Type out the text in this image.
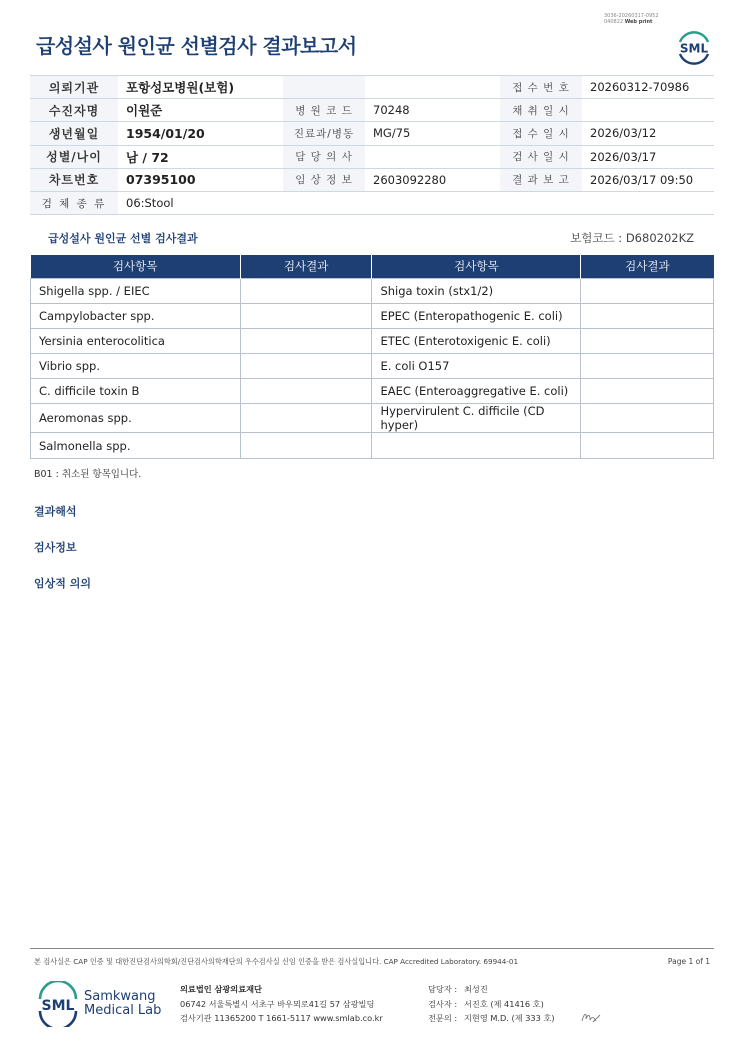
3036-20260317-0952
040822 Web print
급성설사 원인균 선별검사 결과보고서	SML
의뢰기관	포항성모병원(보험)			접 수 번 호	20260312-70986
수진자명	이원준	병 원 코 드	70248	채 취 일 시	
생년월일	1954/01/20	진료과/병동	MG/75	접 수 일 시	2026/03/12
성별/나이	남 / 72	담 당 의 사		검 사 일 시	2026/03/17
차트번호	07395100	임 상 정 보	2603092280	결 과 보 고	2026/03/17 09:50
검 체 종 류	06:Stool				
급성설사 원인균 선별 검사결과	보험코드 : D680202KZ
검사항목	검사결과	검사항목	검사결과
Shigella spp. / EIEC		Shiga toxin (stx1/2)	
Campylobacter spp.		EPEC (Enteropathogenic E. coli)	
Yersinia enterocolitica		ETEC (Enterotoxigenic E. coli)	
Vibrio spp.		E. coli O157	
C. difficile toxin B		EAEC (Enteroaggregative E. coli)	
Aeromonas spp.		Hypervirulent C. difficile (CD hyper)	
Salmonella spp.			
B01 : 취소된 항목입니다.
결과해석
검사정보
임상적 의의
본 검사실은 CAP 인증 및 대한진단검사의학회/진단검사의학재단의 우수검사실 신임 인증을 받은 검사실입니다. CAP Accredited Laboratory. 69944-01	Page 1 of 1
SML
Samkwang
Medical Lab
의료법인 삼광의료재단
06742 서울특별시 서초구 바우뫼로41길 57 삼광빌딩
검사기관 11365200 T 1661-5117 www.smlab.co.kr
담당자 : 최성진
검사자 : 서진호 (제 41416 호)
전문의 : 지현영 M.D. (제 333 호)
